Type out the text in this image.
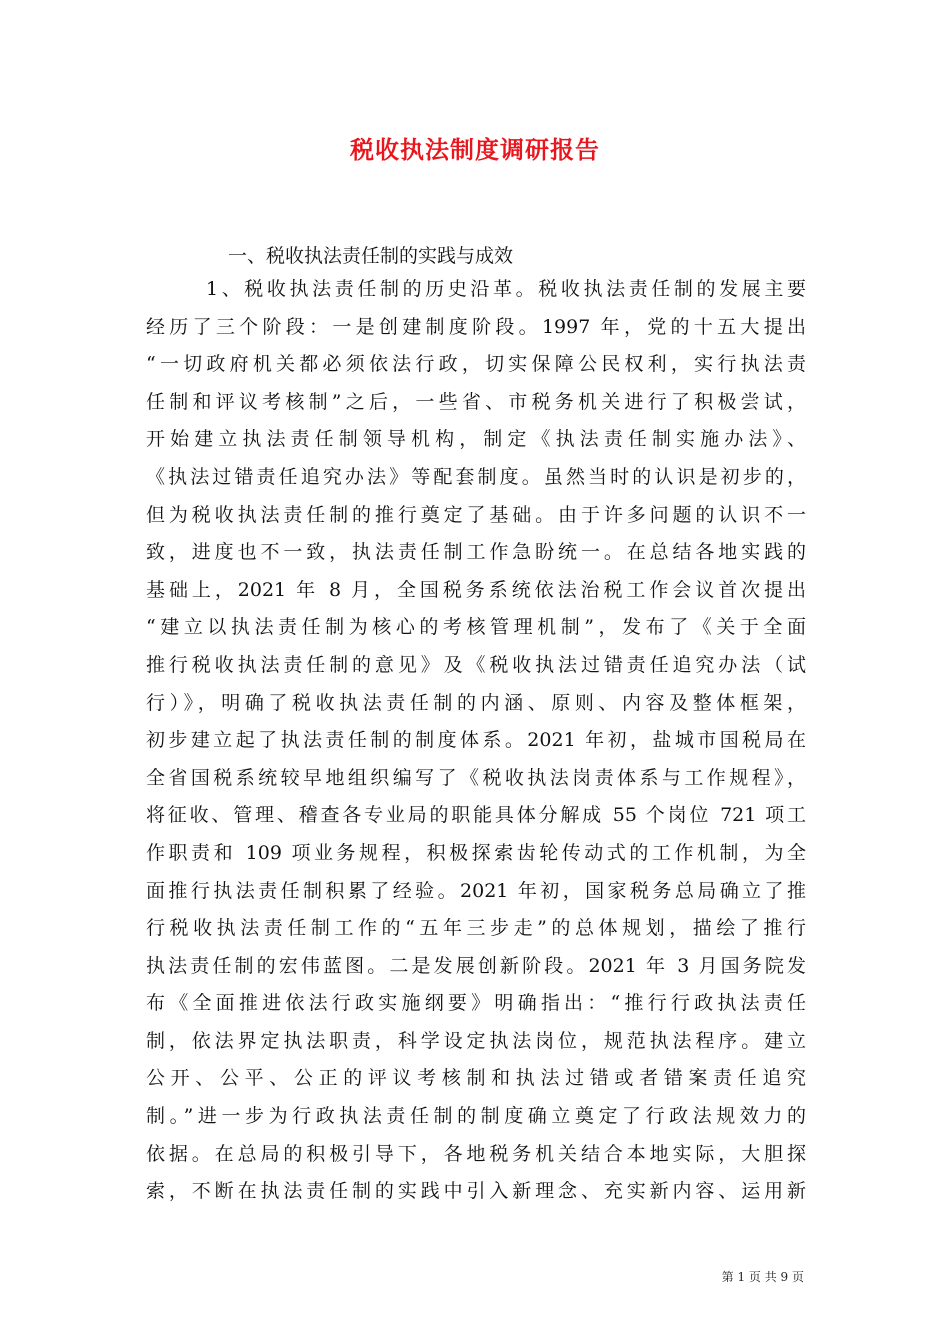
税收执法制度调研报告
一、税收执法责任制的实践与成效
1、税收执法责任制的历史沿革。税收执法责任制的发展主要
经历了三个阶段：一是创建制度阶段。1997 年，党的十五大提出
“一切政府机关都必须依法行政，切实保障公民权利，实行执法责
任制和评议考核制”之后，一些省、市税务机关进行了积极尝试，
开始建立执法责任制领导机构，制定《执法责任制实施办法》、
《执法过错责任追究办法》等配套制度。虽然当时的认识是初步的，
但为税收执法责任制的推行奠定了基础。由于许多问题的认识不一
致，进度也不一致，执法责任制工作急盼统一。在总结各地实践的
基础上，2021 年 8 月，全国税务系统依法治税工作会议首次提出
“建立以执法责任制为核心的考核管理机制”，发布了《关于全面
推行税收执法责任制的意见》及《税收执法过错责任追究办法（试
行）》，明确了税收执法责任制的内涵、原则、内容及整体框架，
初步建立起了执法责任制的制度体系。2021 年初，盐城市国税局在
全省国税系统较早地组织编写了《税收执法岗责体系与工作规程》，
将征收、管理、稽查各专业局的职能具体分解成 55 个岗位 721 项工
作职责和 109 项业务规程，积极探索齿轮传动式的工作机制，为全
面推行执法责任制积累了经验。2021 年初，国家税务总局确立了推
行税收执法责任制工作的“五年三步走”的总体规划，描绘了推行
执法责任制的宏伟蓝图。二是发展创新阶段。2021 年 3 月国务院发
布《全面推进依法行政实施纲要》明确指出：“推行行政执法责任
制，依法界定执法职责，科学设定执法岗位，规范执法程序。建立
公开、公平、公正的评议考核制和执法过错或者错案责任追究
制。”进一步为行政执法责任制的制度确立奠定了行政法规效力的
依据。在总局的积极引导下，各地税务机关结合本地实际，大胆探
索，不断在执法责任制的实践中引入新理念、充实新内容、运用新
第 1 页 共 9 页
